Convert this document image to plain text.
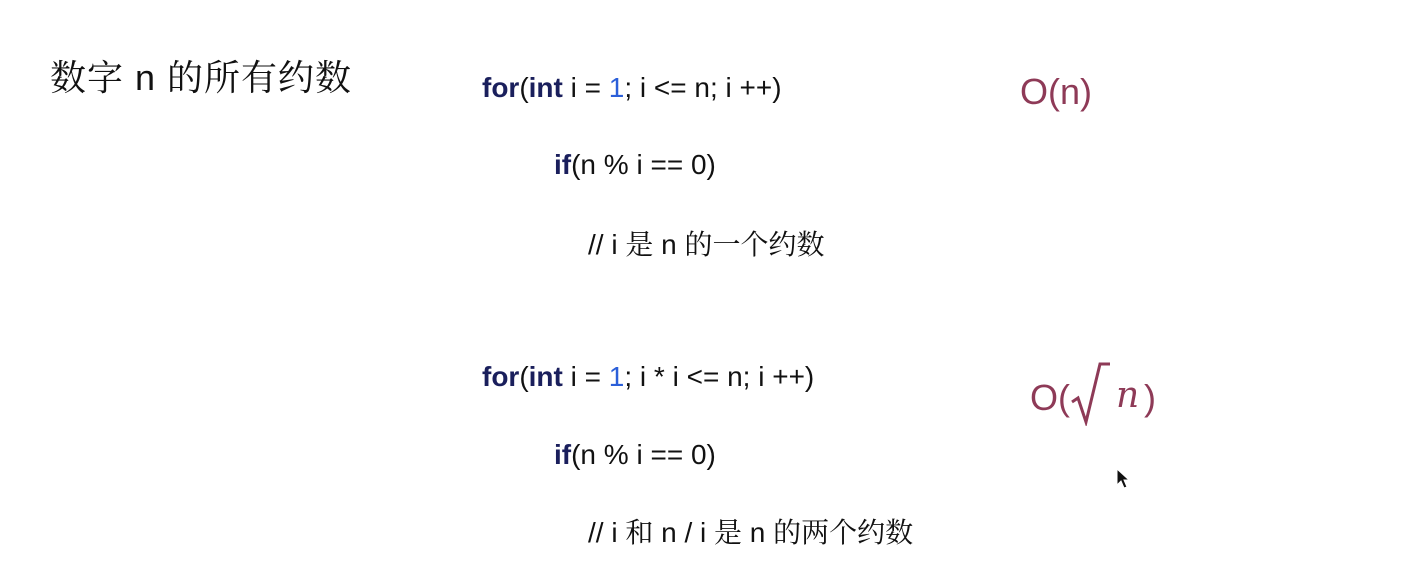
数字 n 的所有约数	for(int i = 1; i <= n; i ++)
if(n % i == 0)
// i 是 n 的一个约数
O(n)
for(int i = 1; i * i <= n; i ++)
if(n % i == 0)
// i 和 n / i 是 n 的两个约数
O( n )
